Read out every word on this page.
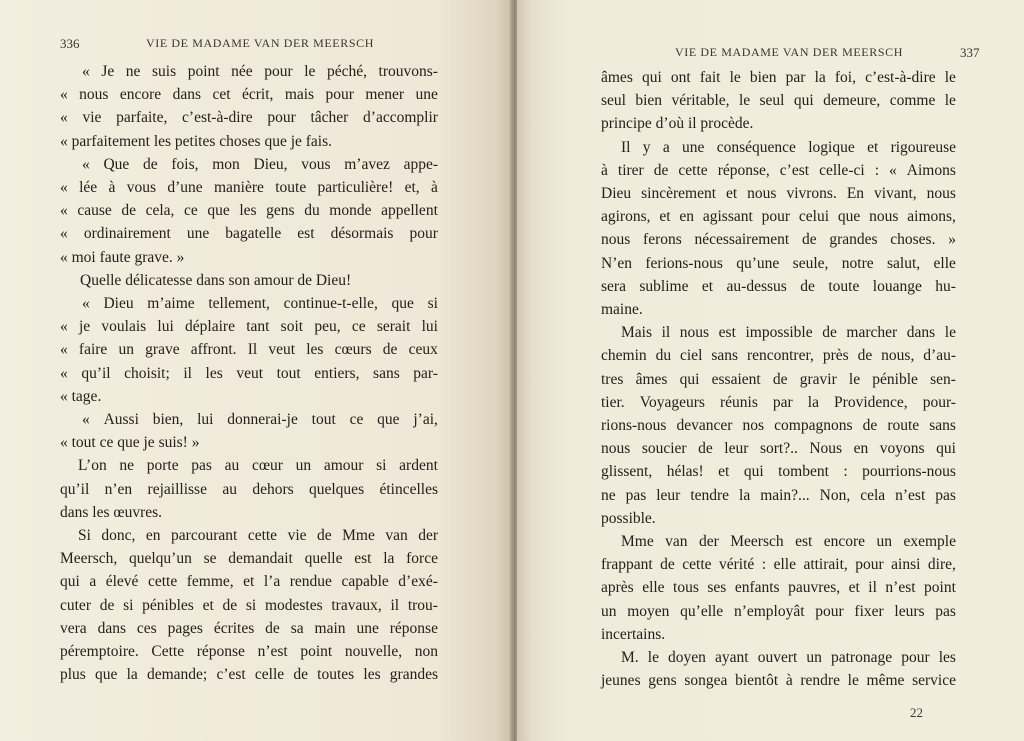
336	VIE DE MADAME VAN DER MEERSCH
« Je ne suis point née pour le péché, trouvons-
« nous encore dans cet écrit, mais pour mener une
« vie parfaite, c’est-à-dire pour tâcher d’accomplir
« parfaitement les petites choses que je fais.
« Que de fois, mon Dieu, vous m’avez appe-
« lée à vous d’une manière toute particulière! et, à
« cause de cela, ce que les gens du monde appellent
« ordinairement une bagatelle est désormais pour
« moi faute grave. »
Quelle délicatesse dans son amour de Dieu!
« Dieu m’aime tellement, continue-t-elle, que si
« je voulais lui déplaire tant soit peu, ce serait lui
« faire un grave affront. Il veut les cœurs de ceux
« qu’il choisit; il les veut tout entiers, sans par-
« tage.
« Aussi bien, lui donnerai-je tout ce que j’ai,
« tout ce que je suis! »
L’on ne porte pas au cœur un amour si ardent
qu’il n’en rejaillisse au dehors quelques étincelles
dans les œuvres.
Si donc, en parcourant cette vie de Mme van der
Meersch, quelqu’un se demandait quelle est la force
qui a élevé cette femme, et l’a rendue capable d’exé-
cuter de si pénibles et de si modestes travaux, il trou-
vera dans ces pages écrites de sa main une réponse
péremptoire. Cette réponse n’est point nouvelle, non
plus que la demande; c’est celle de toutes les grandes
VIE DE MADAME VAN DER MEERSCH	337
âmes qui ont fait le bien par la foi, c’est-à-dire le
seul bien véritable, le seul qui demeure, comme le
principe d’où il procède.
Il y a une conséquence logique et rigoureuse
à tirer de cette réponse, c’est celle-ci : « Aimons
Dieu sincèrement et nous vivrons. En vivant, nous
agirons, et en agissant pour celui que nous aimons,
nous ferons nécessairement de grandes choses. »
N’en ferions-nous qu’une seule, notre salut, elle
sera sublime et au-dessus de toute louange hu-
maine.
Mais il nous est impossible de marcher dans le
chemin du ciel sans rencontrer, près de nous, d’au-
tres âmes qui essaient de gravir le pénible sen-
tier. Voyageurs réunis par la Providence, pour-
rions-nous devancer nos compagnons de route sans
nous soucier de leur sort?.. Nous en voyons qui
glissent, hélas! et qui tombent : pourrions-nous
ne pas leur tendre la main?... Non, cela n’est pas
possible.
Mme van der Meersch est encore un exemple
frappant de cette vérité : elle attirait, pour ainsi dire,
après elle tous ses enfants pauvres, et il n’est point
un moyen qu’elle n’employât pour fixer leurs pas
incertains.
M. le doyen ayant ouvert un patronage pour les
jeunes gens songea bientôt à rendre le même service
22
